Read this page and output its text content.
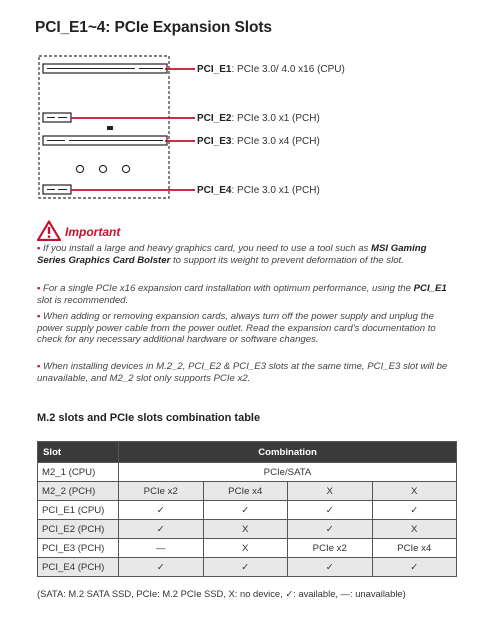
PCI_E1~4: PCIe Expansion Slots
PCI_E1: PCIe 3.0/ 4.0 x16 (CPU)
PCI_E2: PCIe 3.0 x1 (PCH)
PCI_E3: PCIe 3.0 x4 (PCH)
PCI_E4: PCIe 3.0 x1 (PCH)
Important
• If you install a large and heavy graphics card, you need to use a tool such as MSI Gaming Series Graphics Card Bolster to support its weight to prevent deformation of the slot.
• For a single PCIe x16 expansion card installation with optimum performance, using the PCI_E1 slot is recommended.
• When adding or removing expansion cards, always turn off the power supply and unplug the power supply power cable from the power outlet. Read the expansion card’s documentation to check for any necessary additional hardware or software changes.
• When installing devices in M.2_2, PCI_E2 & PCI_E3 slots at the same time, PCI_E3 slot will be unavailable, and M2_2 slot only supports PCIe x2.
M.2 slots and PCIe slots combination table
Slot	Combination			
M2_1 (CPU)	PCIe/SATA			
M2_2 (PCH)	PCIe x2	PCIe x4	X	X
PCI_E1 (CPU)	✓	✓	✓	✓
PCI_E2 (PCH)	✓	X	✓	X
PCI_E3 (PCH)	—	X	PCIe x2	PCIe x4
PCI_E4 (PCH)	✓	✓	✓	✓
(SATA: M.2 SATA SSD, PCIe: M.2 PCIe SSD, X: no device, ✓: available, —: unavailable)
